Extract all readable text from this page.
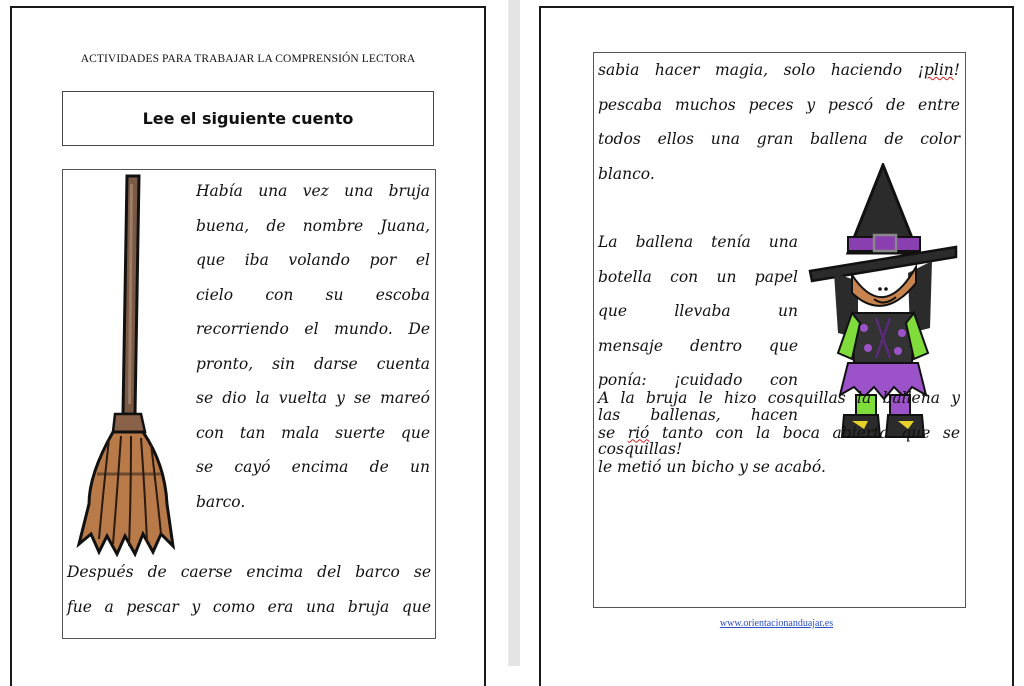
ACTIVIDADES PARA TRABAJAR LA COMPRENSIÓN LECTORA
Lee el siguiente cuento
Había una vez una bruja
buena, de nombre Juana,
que iba volando por el
cielo con su escoba
recorriendo el mundo. De
pronto, sin darse cuenta
se dio la vuelta y se mareó
con tan mala suerte que
se cayó encima de un
barco.
Después de caerse encima del barco se
fue a pescar y como era una bruja que
sabia hacer magia, solo haciendo ¡plin!
pescaba muchos peces y pescó de entre
todos ellos una gran ballena de color
blanco.
La ballena tenía una
botella con un papel
que llevaba un
mensaje dentro que
ponía: ¡cuidado con
las ballenas, hacen
cosquillas!
A la bruja le hizo cosquillas la ballena y
se rió tanto con la boca abierta que se
le metió un bicho y se acabó.
www.orientacionanduajar.es
